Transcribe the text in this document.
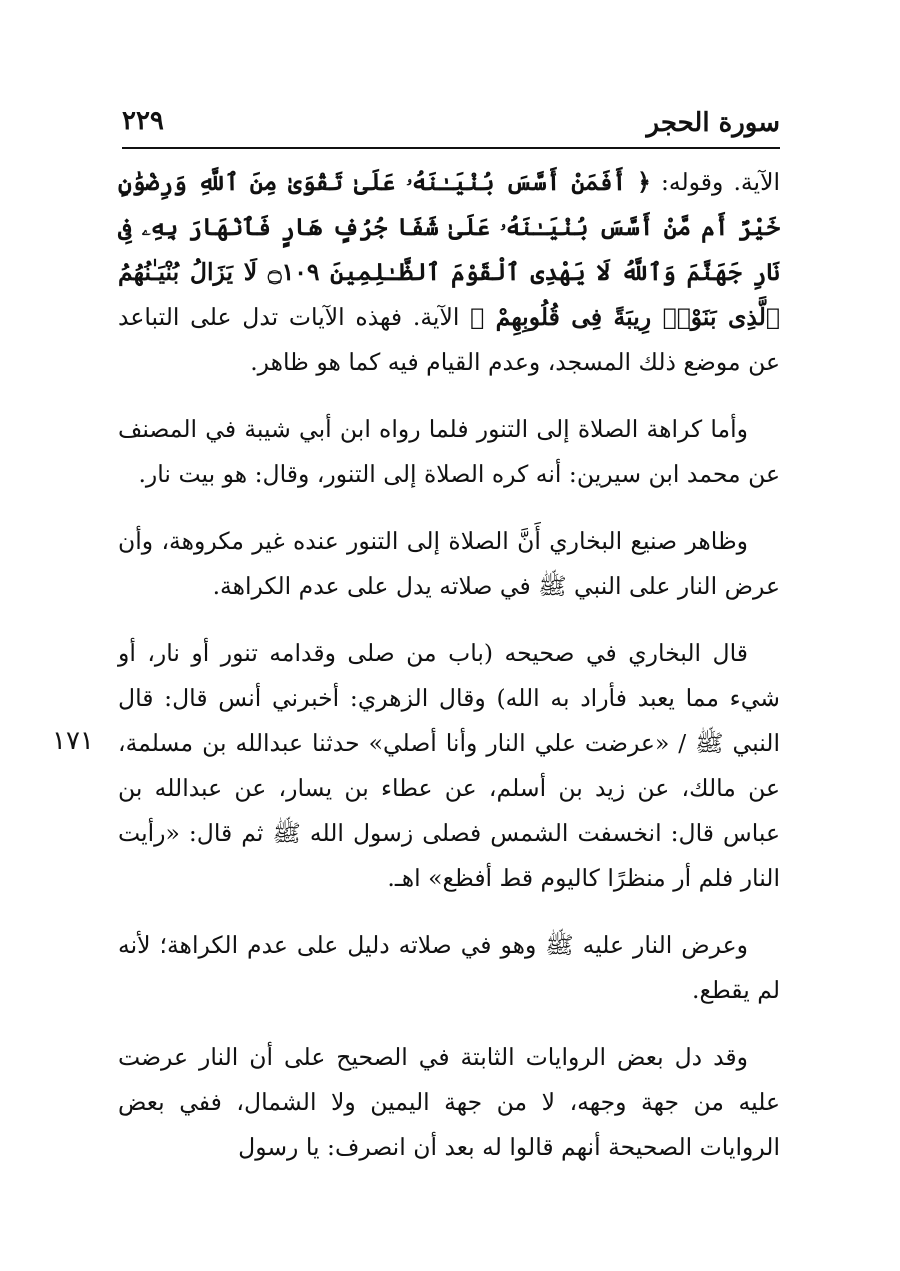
سورة الحجر
٢٢٩
١٧١

الآية. وقوله: ﴿ أَفَمَنْ أَسَّسَ بُنْيَـٰنَهُۥ عَلَىٰ تَقْوَىٰ مِنَ ٱللَّهِ وَرِضْوَٰنٍ خَيْرٌ أَم مَّنْ أَسَّسَ بُنْيَـٰنَهُۥ عَلَىٰ شَفَا جُرُفٍ هَارٍ فَٱنْهَارَ بِهِۦ فِى نَارِ جَهَنَّمَ وَٱللَّهُ لَا يَهْدِى ٱلْقَوْمَ ٱلظَّـٰلِمِينَ ۝١٠٩ لَا يَزَالُ بُنْيَـٰنُهُمُ ٱلَّذِى بَنَوْا۟ رِيبَةً فِى قُلُوبِهِمْ ﴾ الآية. فهذه الآيات تدل على التباعد عن موضع ذلك المسجد، وعدم القيام فيه كما هو ظاهر.

وأما كراهة الصلاة إلى التنور فلما رواه ابن أبي شيبة في المصنف عن محمد ابن سيرين: أنه كره الصلاة إلى التنور، وقال: هو بيت نار.

وظاهر صنيع البخاري أَنَّ الصلاة إلى التنور عنده غير مكروهة، وأن عرض النار على النبي ﷺ في صلاته يدل على عدم الكراهة.

قال البخاري في صحيحه (باب من صلى وقدامه تنور أو نار، أو شيء مما يعبد فأراد به الله) وقال الزهري: أخبرني أنس قال: قال النبي ﷺ / «عرضت علي النار وأنا أصلي» حدثنا عبدالله بن مسلمة، عن مالك، عن زيد بن أسلم، عن عطاء بن يسار، عن عبدالله بن عباس قال: انخسفت الشمس فصلى زسول الله ﷺ ثم قال: «رأيت النار فلم أر منظرًا كاليوم قط أفظع» اهـ.

وعرض النار عليه ﷺ وهو في صلاته دليل على عدم الكراهة؛ لأنه لم يقطع.

وقد دل بعض الروايات الثابتة في الصحيح على أن النار عرضت عليه من جهة وجهه، لا من جهة اليمين ولا الشمال، ففي بعض الروايات الصحيحة أنهم قالوا له بعد أن انصرف: يا رسول
